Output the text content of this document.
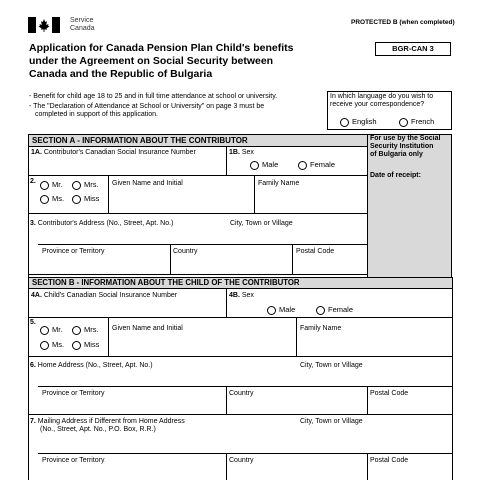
Service
Canada
PROTECTED B (when completed)
BGR-CAN 3
Application for Canada Pension Plan Child's benefits
under the Agreement on Social Security between
Canada and the Republic of Bulgaria
- Benefit for child age 18 to 25 and in full time attendance at school or university.
- The "Declaration of Attendance at School or University" on page 3 must be
completed in support of this application.
In which language do you wish to
receive your correspondence?
English	French
For use by the Social
Security Institution
of Bulgaria only
Date of receipt:
SECTION A - INFORMATION ABOUT THE CONTRIBUTOR
1A. Contributor's Canadian Social Insurance Number	1B. Sex
Male	Female
2.	Mr.	Mrs.
Ms.	Miss
Given Name and Initial	Family Name
3. Contributor's Address (No., Street, Apt. No.)	City, Town or Village
Province or Territory	Country	Postal Code
SECTION B - INFORMATION ABOUT THE CHILD OF THE CONTRIBUTOR
4A. Child's Canadian Social Insurance Number	4B. Sex
Male	Female
5.
Mr.	Mrs.
Ms.	Miss
Given Name and Initial	Family Name
6. Home Address (No., Street, Apt. No.)	City, Town or Village
Province or Territory	Country	Postal Code
7. Mailing Address if Different from Home Address
(No., Street, Apt. No., P.O. Box, R.R.)
City, Town or Village
Province or Territory	Country	Postal Code
